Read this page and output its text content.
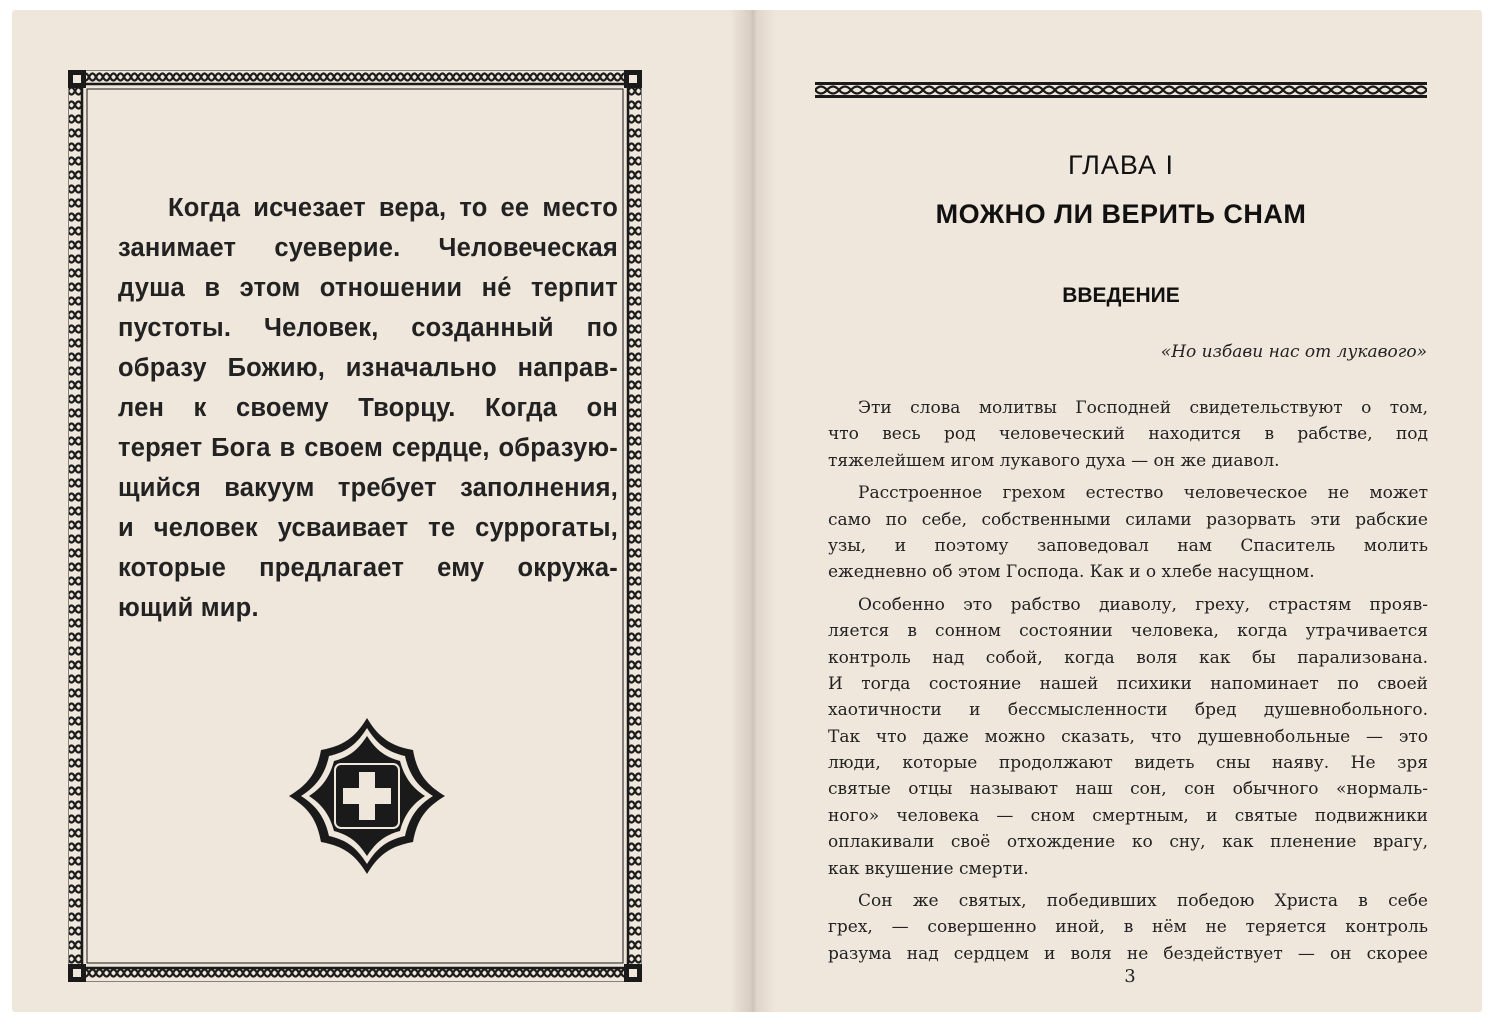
Когда исчезает вера, то ее место
занимает суеверие. Человеческая
душа в этом отношении не́ терпит
пустоты. Человек, созданный по
образу Божию, изначально направ-
лен к своему Творцу. Когда он
теряет Бога в своем сердце, образую-
щийся вакуум требует заполнения,
и человек усваивает те суррогаты,
которые предлагает ему окружа-
ющий мир.
ГЛАВА I
МОЖНО ЛИ ВЕРИТЬ СНАМ
ВВЕДЕНИЕ
«Но избави нас от лукавого»
Эти слова молитвы Господней свидетельствуют о том,
что весь род человеческий находится в рабстве, под
тяжелейшем игом лукавого духа — он же диавол.
Расстроенное грехом естество человеческое не может
само по себе, собственными силами разорвать эти рабские
узы, и поэтому заповедовал нам Спаситель молить
ежедневно об этом Господа. Как и о хлебе насущном.
Особенно это рабство диаволу, греху, страстям прояв-
ляется в сонном состоянии человека, когда утрачивается
контроль над собой, когда воля как бы парализована.
И тогда состояние нашей психики напоминает по своей
хаотичности и бессмысленности бред душевнобольного.
Так что даже можно сказать, что душевнобольные — это
люди, которые продолжают видеть сны наяву. Не зря
святые отцы называют наш сон, сон обычного «нормаль-
ного» человека — сном смертным, и святые подвижники
оплакивали своё отхождение ко сну, как пленение врагу,
как вкушение смерти.
Сон же святых, победивших победою Христа в себе
грех, — совершенно иной, в нём не теряется контроль
разума над сердцем и воля не бездействует — он скорее
3
